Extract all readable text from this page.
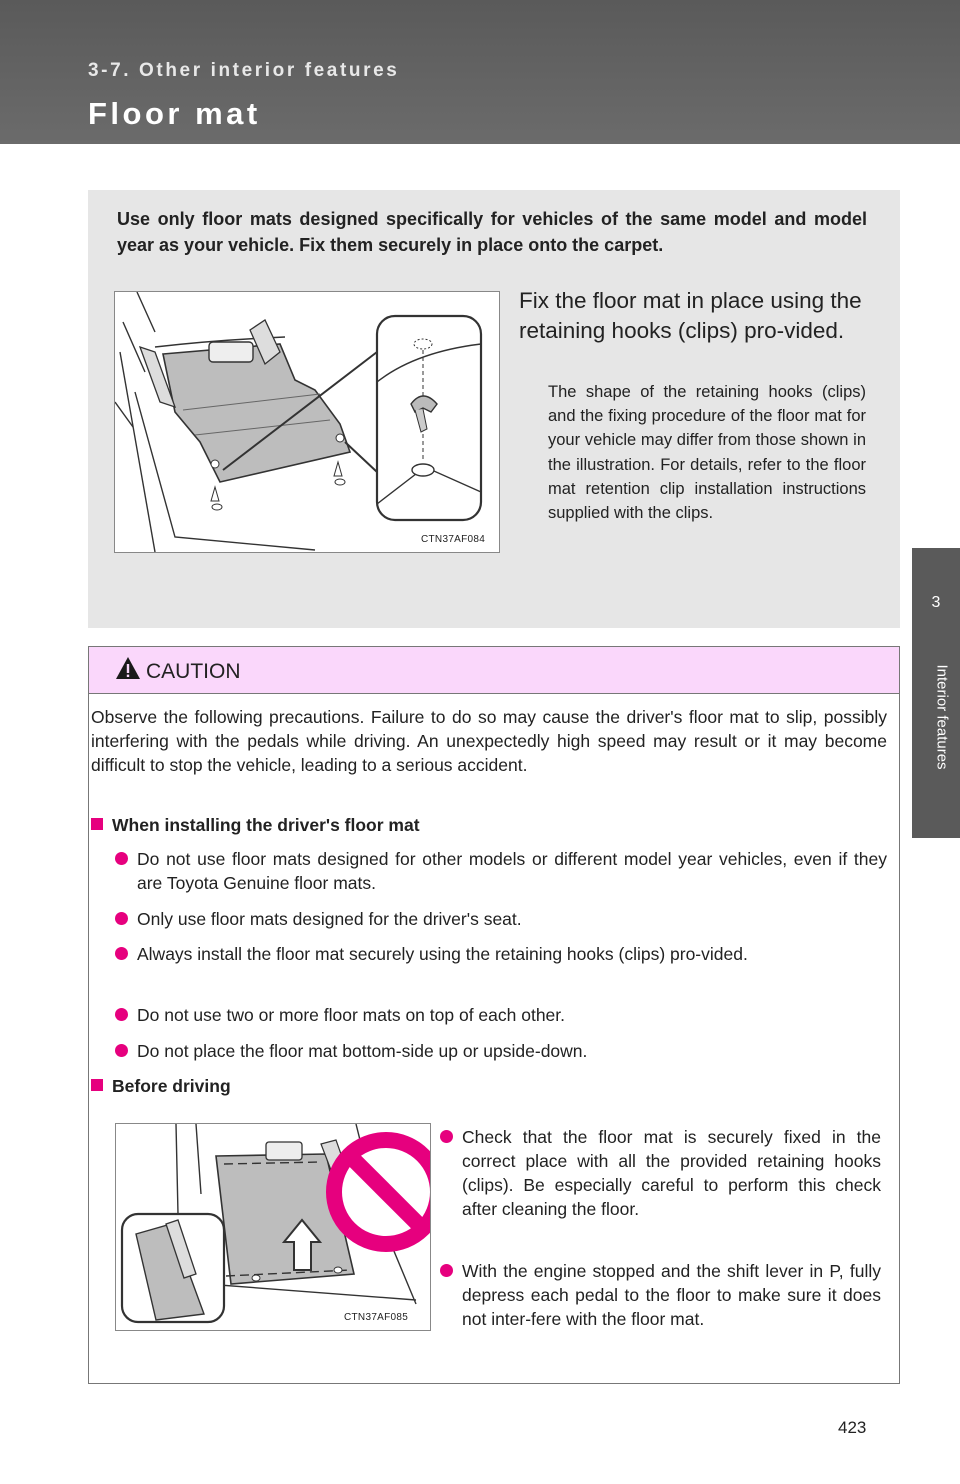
3-7. Other interior features
Floor mat
3
Interior features
Use only floor mats designed specifically for vehicles of the same model and model year as your vehicle. Fix them securely in place onto the carpet.
CTN37AF084
Fix the floor mat in place using the retaining hooks (clips) pro-vided.
The shape of the retaining hooks (clips) and the fixing procedure of the floor mat for your vehicle may differ from those shown in the illustration. For details, refer to the floor mat retention clip installation instructions supplied with the clips.
CAUTION
Observe the following precautions. Failure to do so may cause the driver's floor mat to slip, possibly interfering with the pedals while driving. An unexpectedly high speed may result or it may become difficult to stop the vehicle, leading to a serious accident.
When installing the driver's floor mat
Do not use floor mats designed for other models or different model year vehicles, even if they are Toyota Genuine floor mats.
Only use floor mats designed for the driver's seat.
Always install the floor mat securely using the retaining hooks (clips) pro-vided.
Do not use two or more floor mats on top of each other.
Do not place the floor mat bottom-side up or upside-down.
Before driving
CTN37AF085
Check that the floor mat is securely fixed in the correct place with all the provided retaining hooks (clips). Be especially careful to perform this check after cleaning the floor.
With the engine stopped and the shift lever in P, fully depress each pedal to the floor to make sure it does not inter-fere with the floor mat.
423
